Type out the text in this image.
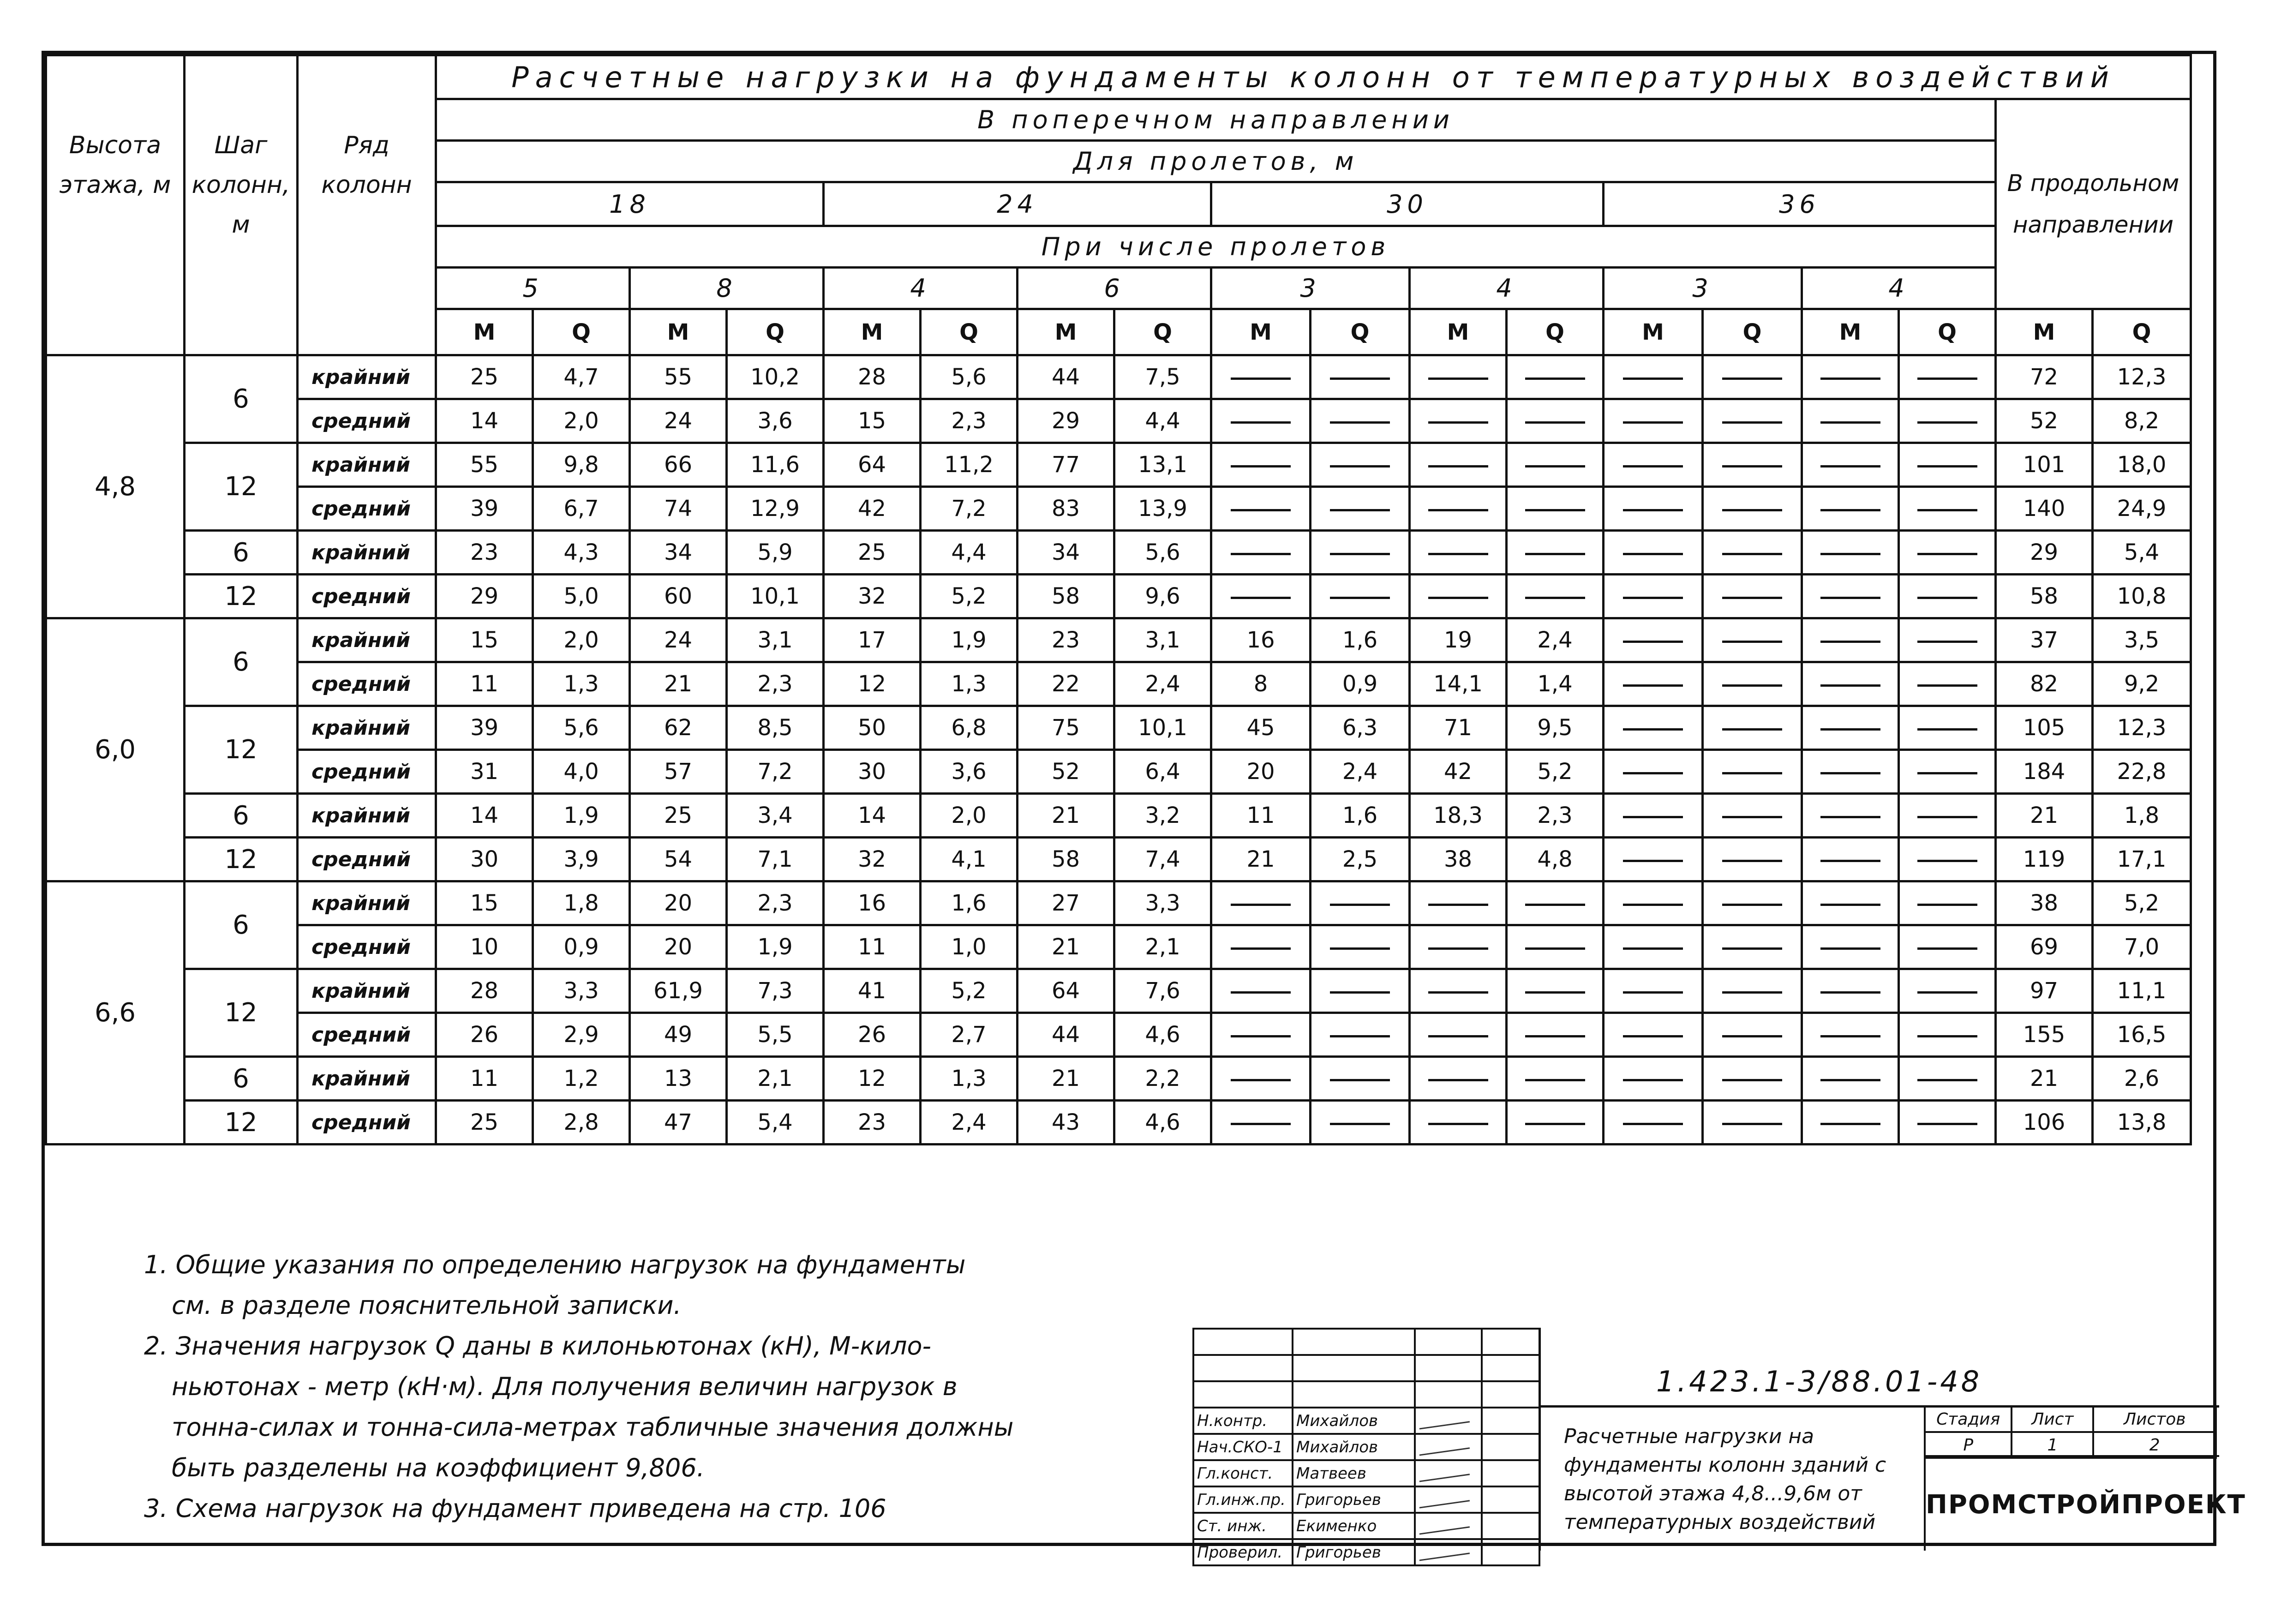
Высота этажа, м	Шаг колонн, м	Ряд колонн	Расчетные нагрузки на фундаменты колонн от температурных воздействий																	
			В поперечном направлении																В продольном направлении	
			Для пролетов, м																	
			18				24				30				36					
			При числе пролетов																	
			5		8		4		6		3		4		3		4			
			M	Q	M	Q	M	Q	M	Q	M	Q	M	Q	M	Q	M	Q	M	Q
4,8	6	крайний	25	4,7	55	10,2	28	5,6	44	7,5									72	12,3
		средний	14	2,0	24	3,6	15	2,3	29	4,4									52	8,2
	12	крайний	55	9,8	66	11,6	64	11,2	77	13,1									101	18,0
		средний	39	6,7	74	12,9	42	7,2	83	13,9									140	24,9
	6	крайний	23	4,3	34	5,9	25	4,4	34	5,6									29	5,4
	12	средний	29	5,0	60	10,1	32	5,2	58	9,6									58	10,8
6,0	6	крайний	15	2,0	24	3,1	17	1,9	23	3,1	16	1,6	19	2,4					37	3,5
		средний	11	1,3	21	2,3	12	1,3	22	2,4	8	0,9	14,1	1,4					82	9,2
	12	крайний	39	5,6	62	8,5	50	6,8	75	10,1	45	6,3	71	9,5					105	12,3
		средний	31	4,0	57	7,2	30	3,6	52	6,4	20	2,4	42	5,2					184	22,8
	6	крайний	14	1,9	25	3,4	14	2,0	21	3,2	11	1,6	18,3	2,3					21	1,8
	12	средний	30	3,9	54	7,1	32	4,1	58	7,4	21	2,5	38	4,8					119	17,1
6,6	6	крайний	15	1,8	20	2,3	16	1,6	27	3,3									38	5,2
		средний	10	0,9	20	1,9	11	1,0	21	2,1									69	7,0
	12	крайний	28	3,3	61,9	7,3	41	5,2	64	7,6									97	11,1
		средний	26	2,9	49	5,5	26	2,7	44	4,6									155	16,5
	6	крайний	11	1,2	13	2,1	12	1,3	21	2,2									21	2,6
	12	средний	25	2,8	47	5,4	23	2,4	43	4,6									106	13,8
1. Общие указания по определению нагрузок на фундаменты
см. в разделе пояснительной записки.
2. Значения нагрузок Q даны в килоньютонах (кН), М-кило-
ньютонах - метр (кН·м). Для получения величин нагрузок в
тонна-силах и тонна-сила-метрах табличные значения должны
быть разделены на коэффициент 9,806.
3. Схема нагрузок на фундамент приведена на стр. 106

Н.контр.	Михайлов		
Нач.СКО-1	Михайлов		
Гл.конст.	Матвеев		
Гл.инж.пр.	Григорьев		
Ст. инж.	Екименко		
Проверил.	Григорьев		
1.423.1-3/88.01-48
Расчетные нагрузки на фундаменты колонн зданий с высотой этажа 4,8...9,6м от температурных воздействий
Стадия	Лист	Листов
Р	1	2
ПРОМСТРОЙПРОЕКТ
